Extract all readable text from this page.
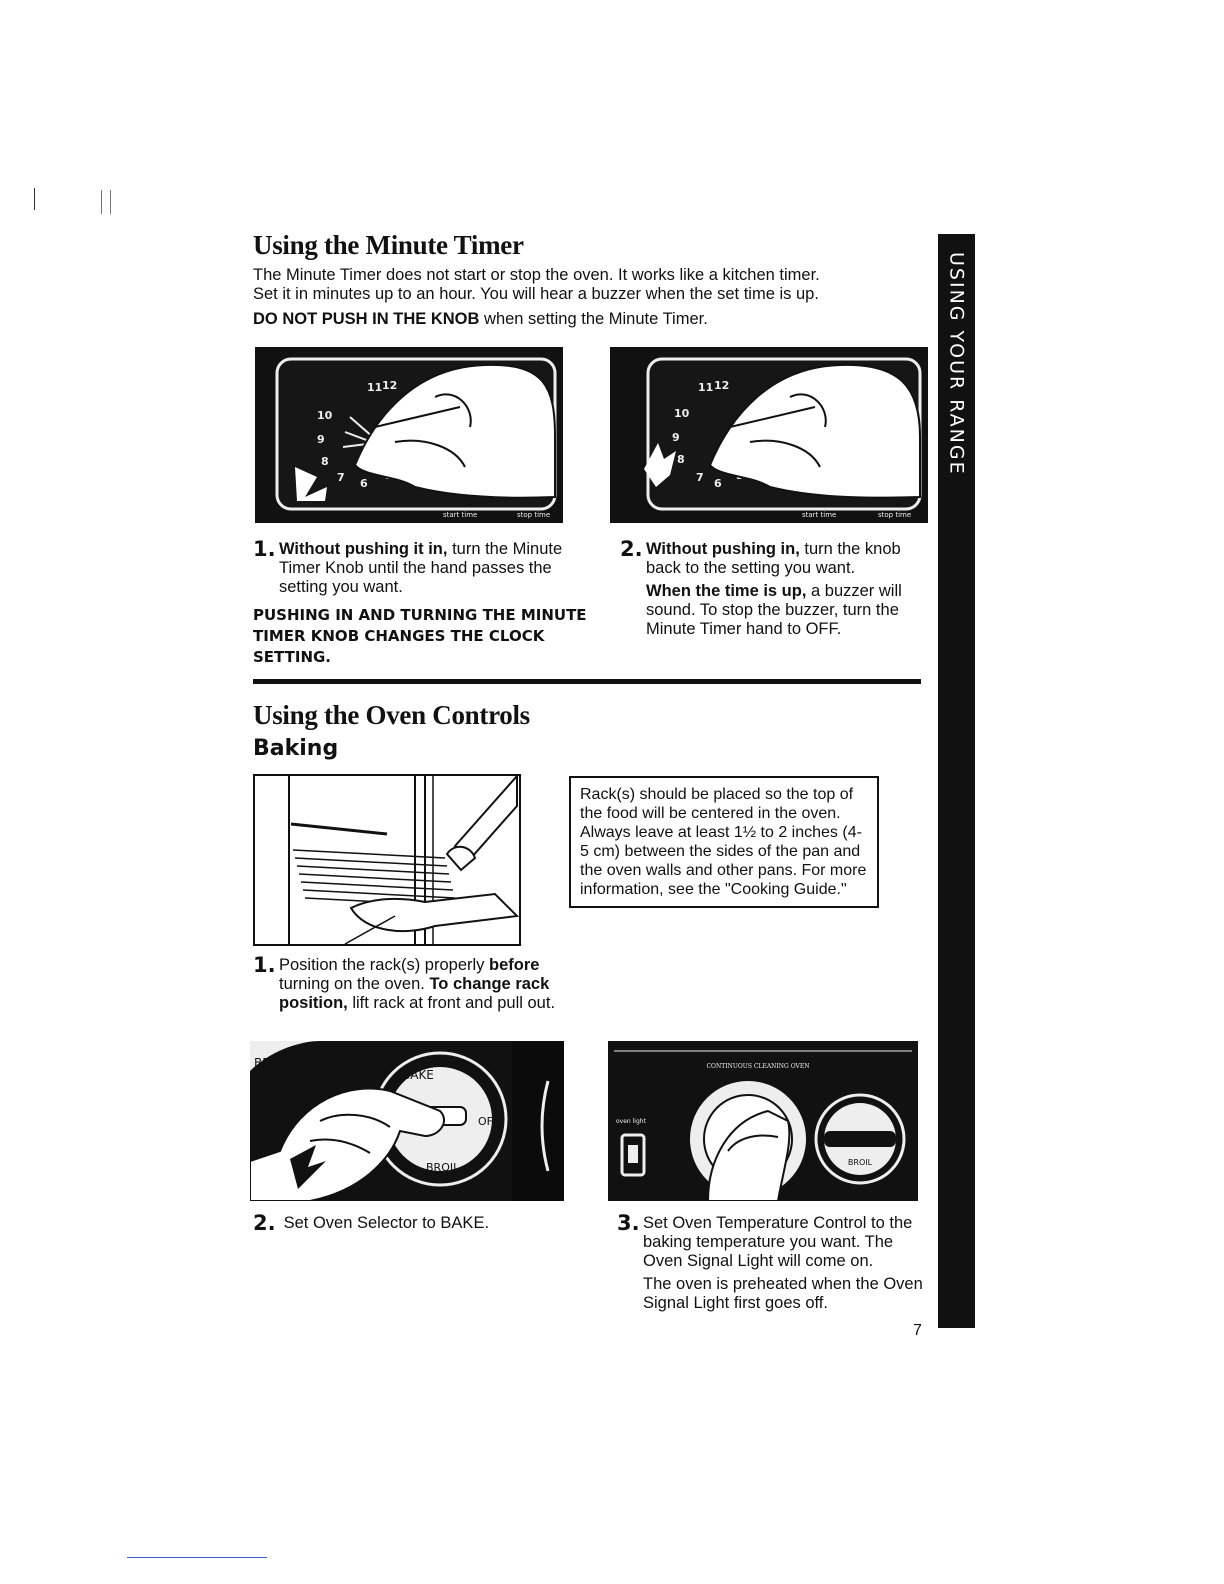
USING YOUR RANGE
Using the Minute Timer

The Minute Timer does not start or stop the oven. It works like a kitchen timer.

Set it in minutes up to an hour. You will hear a buzzer when the set time is up.

DO NOT PUSH IN THE KNOB when setting the Minute Timer.

11 12
10
9
8
7 6
start time	stop time
11 12
10
9
8
7 6
start time	stop time
1. Without pushing it in, turn the Minute Timer Knob until the hand passes the setting you want.

PUSHING IN AND TURNING THE MINUTE TIMER KNOB CHANGES THE CLOCK SETTING.

2. Without pushing in, turn the knob back to the setting you want.

When the time is up, a buzzer will sound. To stop the buzzer, turn the Minute Timer hand to OFF.

Using the Oven Controls
Baking
Rack(s) should be placed so the top of the food will be centered in the oven. Always leave at least 1½ to 2 inches (4-5 cm) between the sides of the pan and the oven walls and other pans. For more information, see the "Cooking Guide."
1. Position the rack(s) properly before turning on the oven. To change rack position, lift rack at front and pull out.

BRO
BAKE
OFF
BROIL
CONTINUOUS CLEANING OVEN
oven light
BROIL
2. Set Oven Selector to BAKE.	3. Set Oven Temperature Control to the baking temperature you want. The Oven Signal Light will come on.

The oven is preheated when the Oven Signal Light first goes off.

7
